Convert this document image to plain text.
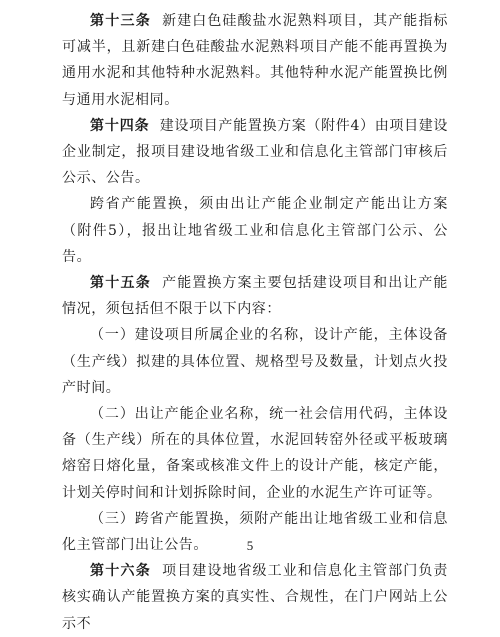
第十三条 新建白色硅酸盐水泥熟料项目，其产能指标可减半，且新建白色硅酸盐水泥熟料项目产能不能再置换为通用水泥和其他特种水泥熟料。其他特种水泥产能置换比例与通用水泥相同。

第十四条 建设项目产能置换方案（附件4）由项目建设企业制定，报项目建设地省级工业和信息化主管部门审核后公示、公告。

跨省产能置换，须由出让产能企业制定产能出让方案（附件5），报出让地省级工业和信息化主管部门公示、公告。

第十五条 产能置换方案主要包括建设项目和出让产能情况，须包括但不限于以下内容：

（一）建设项目所属企业的名称，设计产能，主体设备（生产线）拟建的具体位置、规格型号及数量，计划点火投产时间。

（二）出让产能企业名称，统一社会信用代码，主体设备（生产线）所在的具体位置，水泥回转窑外径或平板玻璃熔窑日熔化量，备案或核准文件上的设计产能，核定产能，计划关停时间和计划拆除时间，企业的水泥生产许可证等。

（三）跨省产能置换，须附产能出让地省级工业和信息化主管部门出让公告。

第十六条 项目建设地省级工业和信息化主管部门负责核实确认产能置换方案的真实性、合规性，在门户网站上公示不

5
